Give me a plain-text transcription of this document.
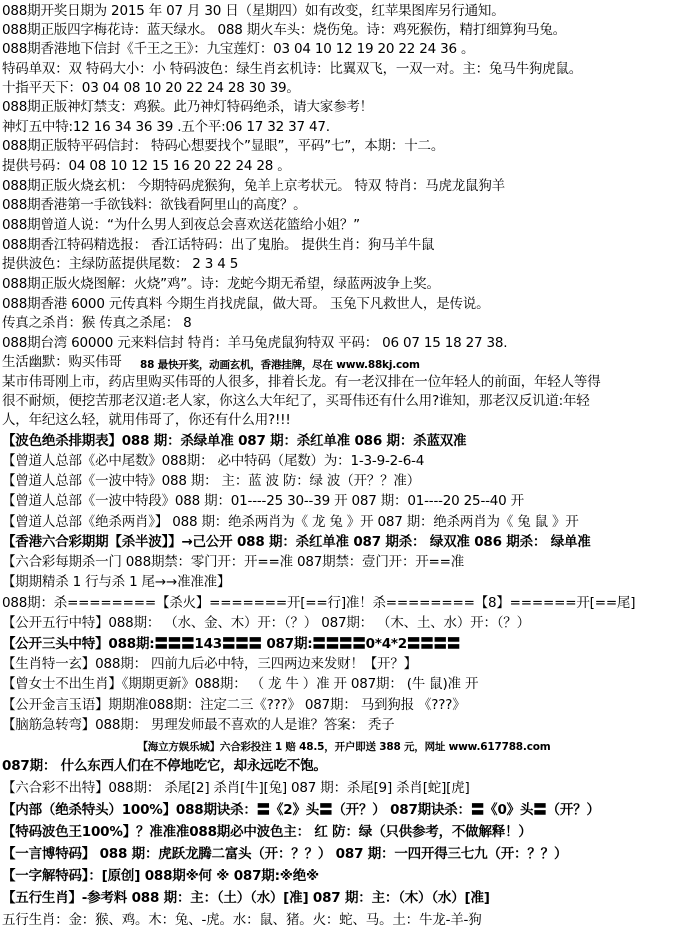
088期开奖日期为 2015 年 07 月 30 日（星期四）如有改变，红苹果图库另行通知。
088期正版四字梅花诗：蓝天绿水。 088 期火车头：烧伤兔。诗：鸡死猴伤，精打细算狗马兔。
088期香港地下信封《千王之王》：九宝莲灯：03 04 10 12 19 20 22 24 36 。
特码单双：双 特码大小：小 特码波色：绿生肖玄机诗：比翼双飞，一双一对。主：兔马牛狗虎鼠。
十指平天下：03 04 08 10 20 22 24 28 30 39。
088期正版神灯禁支：鸡猴。此乃神灯特码绝杀，请大家参考！
神灯五中特:12 16 34 36 39 .五个平:06 17 32 37 47.
088期正版特平码信封： 特码心想要找个”显眼”，平码”七”，本期：十二。
提供号码：04 08 10 12 15 16 20 22 24 28 。
088期正版火烧玄机： 今期特码虎猴狗，兔羊上京考状元。 特双 特肖：马虎龙鼠狗羊
088期香港第一手欲钱料：欲钱看阿里山的高度？。
088期曾道人说：“为什么男人到夜总会喜欢送花篮给小姐？”
088期香江特码精选报： 香江话特码：出了鬼胎。 提供生肖：狗马羊牛鼠
提供波色：主绿防蓝提供尾数： 2 3 4 5
088期正版火烧图解：火烧”鸡”。诗：龙蛇今期无希望，绿蓝两波争上奖。
088期香港 6000 元传真料 今期生肖找虎鼠，做大哥。 玉兔下凡救世人，是传说。
传真之杀肖：猴 传真之杀尾： 8
088期台湾 60000 元来料信封 特肖：羊马兔虎鼠狗特双 平码： 06 07 15 18 27 38.
生活幽默：购买伟哥	88 最快开奖，动画玄机，香港挂牌，尽在 www.88kj.com
某市伟哥刚上市，药店里购买伟哥的人很多，排着长龙。有一老汉排在一位年轻人的前面，年轻人等得
很不耐烦，便挖苦那老汉道:老人家，你这么大年纪了，买哥伟还有什么用?谁知，那老汉反讥道:年轻
人，年纪这么轻，就用伟哥了，你还有什么用?!!!
【波色绝杀排期表】088 期：杀绿单准 087 期：杀红单准 086 期：杀蓝双准
【曾道人总部《必中尾数》088期： 必中特码（尾数）为：1-3-9-2-6-4
【曾道人总部《一波中特》088 期： 主：蓝 波 防：绿 波（开？？准）
【曾道人总部《一波中特段》088 期：01----25 30--39 开 087 期：01----20 25--40 开
【曾道人总部《绝杀两肖》】 088 期：绝杀两肖为《 龙 兔 》开 087 期：绝杀两肖为《 兔 鼠 》开
【香港六合彩期期【杀半波】】→己公开 088 期：杀红单准 087 期杀： 绿双准 086 期杀： 绿单准
【六合彩每期杀一门 088期禁：零门开：开==准 087期禁：壹门开：开==准
【期期精杀 1 行与杀 1 尾→→准准准】
088期：杀========【杀火】=======开[==行]准！杀========【8】======开[==尾]
【公开五行中特】088期： （水、金、木）开：（？） 087期： （木、土、水）开：（？）
【公开三头中特】088期:〓〓〓143〓〓〓 087期:〓〓〓〓0*4*2〓〓〓〓
【生肖特一玄】088期： 四前九后必中特，三四两边来发财！【开？】
【曾女士不出生肖】《期期更新》088期： （ 龙 牛 ）准 开 087期： (牛 鼠)准 开
【公开金言玉语】期期准088期：注定二三《???》 087期： 马到狗报 《???》
【脑筋急转弯】088期： 男理发师最不喜欢的人是谁？答案： 秃子
【海立方娱乐城】六合彩投注 1 赔 48.5，开户即送 388 元，网址 www.617788.com
087期： 什么东西人们在不停地吃它，却永远吃不饱。
【六合彩不出特】088期： 杀尾[2] 杀肖[牛][兔] 087 期：杀尾[9] 杀肖[蛇][虎]
【内部（绝杀特头）100%】088期诀杀：〓《2》头〓（开？） 087期诀杀：〓《0》头〓（开？）
【特码波色王100%】？准准准088期必中波色主： 红 防：绿（只供参考，不做解释！）
【一言博特码】 088 期：虎跃龙腾二富头（开：？？） 087 期：一四开得三七九（开：？？）
【一字解特码】：[原创] 088期※何 ※ 087期:※绝※
【五行生肖】-参考料 088 期：主：（土）（水）[准] 087 期：主：（木）（水）[准]
五行生肖：金：猴、鸡。木：兔、-虎。水：鼠、猪。火：蛇、马。土：牛龙-羊-狗
